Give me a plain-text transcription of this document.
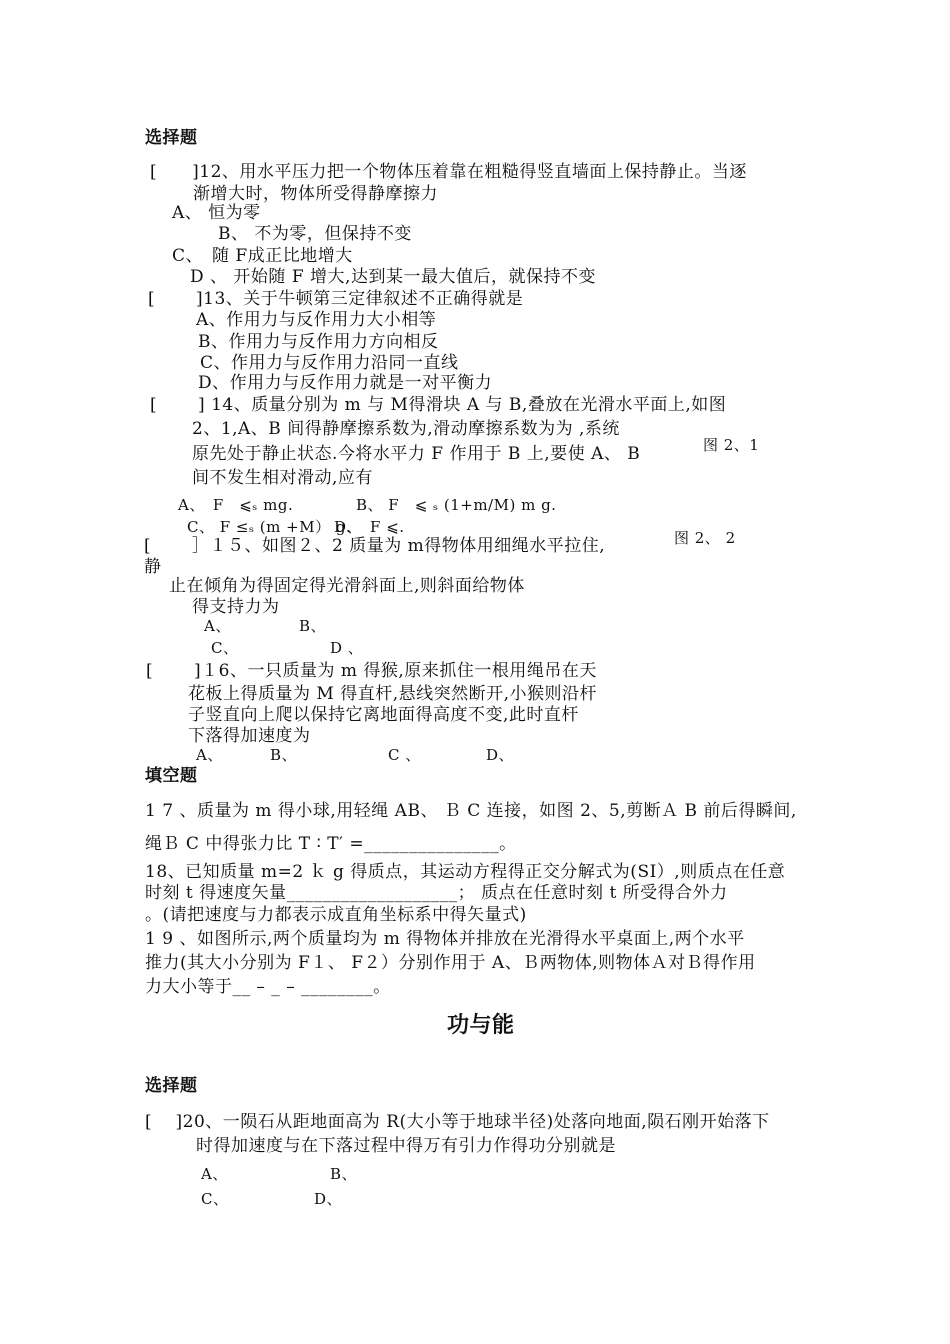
选择题
[　　]12、用水平压力把一个物体压着靠在粗糙得竖直墙面上保持静止。当逐
渐增大时，物体所受得静摩擦力
A、 恒为零
B、 不为零，但保持不变
C、　随 F成正比地增大
D 、 开始随 F 增大,达到某一最大值后，就保持不变
[　　 ]13、关于牛顿第三定律叙述不正确得就是
A、作用力与反作用力大小相等
B、作用力与反作用力方向相反
C、作用力与反作用力沿同一直线
D、作用力与反作用力就是一对平衡力
[　　 ] 14、质量分别为 m 与 M得滑块 A 与 B,叠放在光滑水平面上,如图
2、1,A、B 间得静摩擦系数为,滑动摩擦系数为为 ,系统
图 2、1
原先处于静止状态.今将水平力 F 作用于 B 上,要使 A、 B
间不发生相对滑动,应有
A、　F　⩽ₛ mg.	B、 F　⩽ ₛ (1+m/M) m g.
C、 F ≤ₛ (m +M） g.
D、　F ⩽.
[　　 ］１５、如图２、2 质量为 m得物体用细绳水平拉住,	图 2、 2
静
止在倾角为得固定得光滑斜面上,则斜面给物体
得支持力为
A、	B、
C、	D 、
[　　 ]１6、一只质量为 m 得猴,原来抓住一根用绳吊在天
花板上得质量为 M 得直杆,悬线突然断开,小猴则沿杆
子竖直向上爬以保持它离地面得高度不变,此时直杆
下落得加速度为
A、	B、	C 、	D、
填空题
1 7 、质量为 m 得小球,用轻绳 AB、 Ｂ C 连接，如图 2、5,剪断Ａ B 前后得瞬间,
绳Ｂ C 中得张力比 T ∶ T′ =_______________。
18、已知质量 m=2 ｋ g 得质点，其运动方程得正交分解式为(SI）,则质点在任意
时刻 t 得速度矢量___________________； 质点在任意时刻 t 所受得合外力
。(请把速度与力都表示成直角坐标系中得矢量式)
1 9 、如图所示,两个质量均为 m 得物体并排放在光滑得水平桌面上,两个水平
推力(其大小分别为 F１、 F２）分别作用于 A、Ｂ两物体,则物体Ａ对Ｂ得作用
力大小等于__ – _ – ________。
功与能
选择题
[　 ]20、一陨石从距地面高为 R(大小等于地球半径)处落向地面,陨石刚开始落下
时得加速度与在下落过程中得万有引力作得功分别就是
A、	B、
C、	D、
